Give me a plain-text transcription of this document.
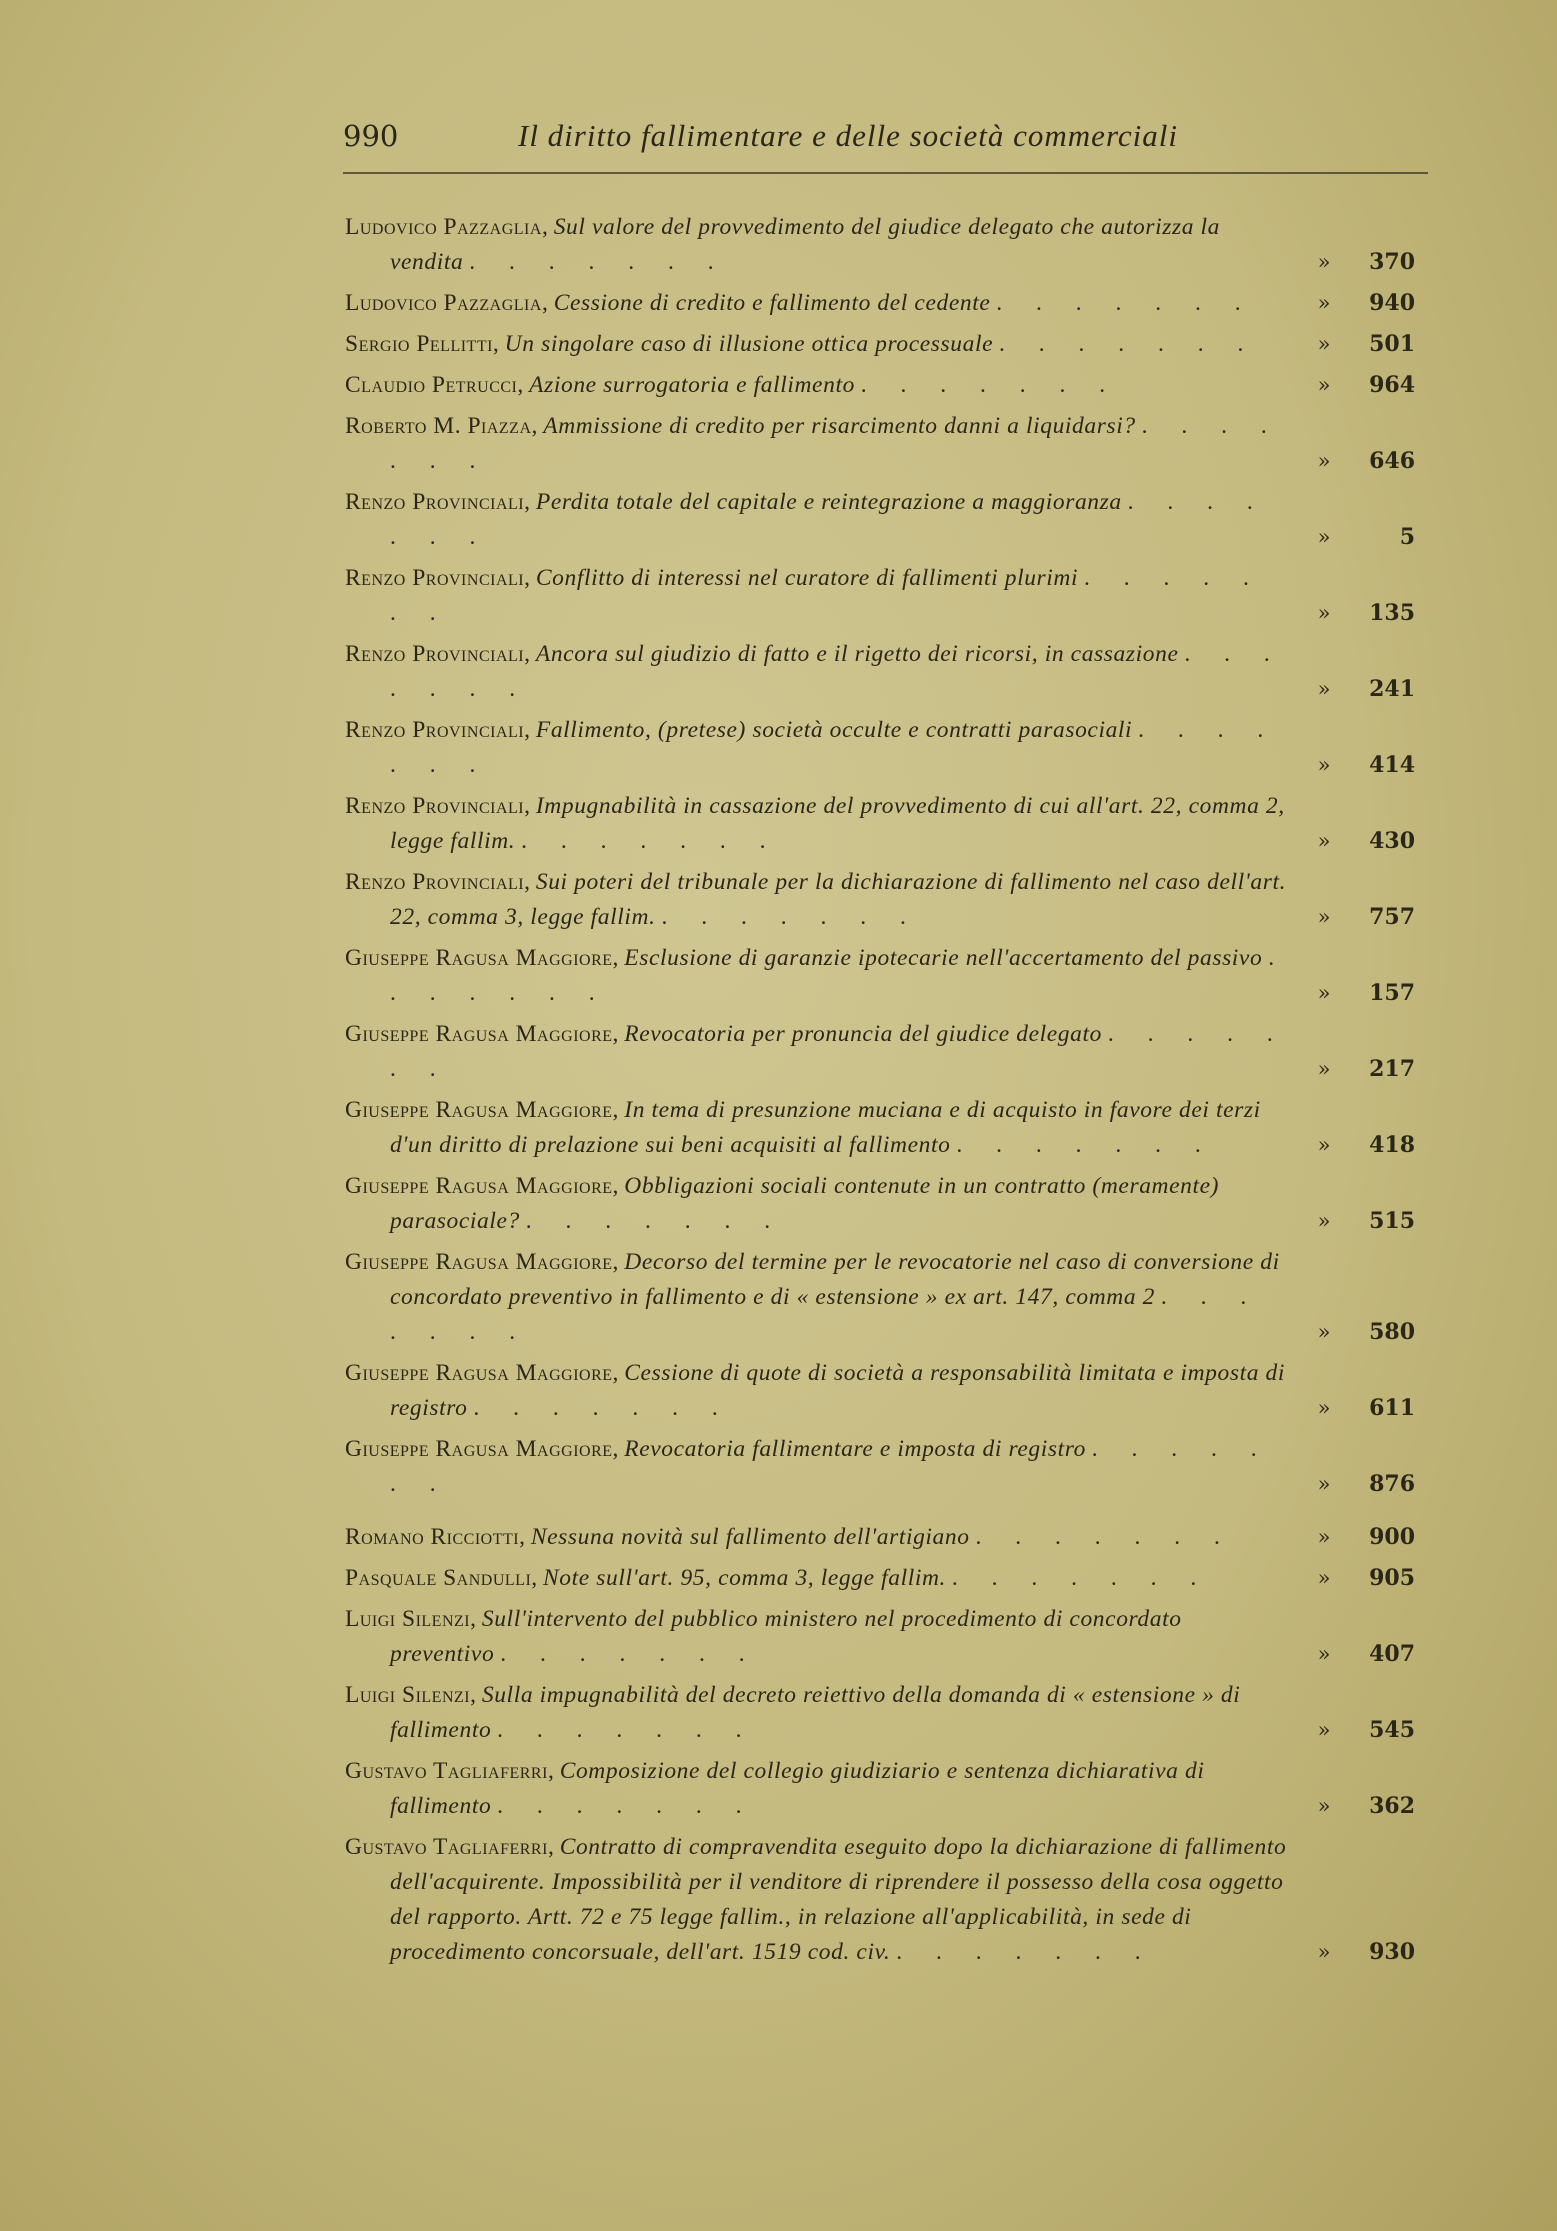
990	Il diritto fallimentare e delle società commerciali
Ludovico Pazzaglia, Sul valore del provvedimento del giudice delegato che autorizza la vendita . . . . . . .	»	370
Ludovico Pazzaglia, Cessione di credito e fallimento del cedente . . . . . . .	»	940
Sergio Pellitti, Un singolare caso di illusione ottica processuale . . . . . . .	»	501
Claudio Petrucci, Azione surrogatoria e fallimento . . . . . . .	»	964
Roberto M. Piazza, Ammissione di credito per risarcimento danni a liquidarsi? . . . . . . .	»	646
Renzo Provinciali, Perdita totale del capitale e reintegrazione a maggioranza . . . . . . .	»	5
Renzo Provinciali, Conflitto di interessi nel curatore di fallimenti plurimi . . . . . . .	»	135
Renzo Provinciali, Ancora sul giudizio di fatto e il rigetto dei ricorsi, in cassazione . . . . . . .	»	241
Renzo Provinciali, Fallimento, (pretese) società occulte e contratti parasociali . . . . . . .	»	414
Renzo Provinciali, Impugnabilità in cassazione del provvedimento di cui all'art. 22, comma 2, legge fallim. . . . . . . .	»	430
Renzo Provinciali, Sui poteri del tribunale per la dichiarazione di fallimento nel caso dell'art. 22, comma 3, legge fallim. . . . . . . .	»	757
Giuseppe Ragusa Maggiore, Esclusione di garanzie ipotecarie nell'accertamento del passivo . . . . . . .	»	157
Giuseppe Ragusa Maggiore, Revocatoria per pronuncia del giudice delegato . . . . . . .	»	217
Giuseppe Ragusa Maggiore, In tema di presunzione muciana e di acquisto in favore dei terzi d'un diritto di prelazione sui beni acquisiti al fallimento . . . . . . .	»	418
Giuseppe Ragusa Maggiore, Obbligazioni sociali contenute in un contratto (meramente) parasociale? . . . . . . .	»	515
Giuseppe Ragusa Maggiore, Decorso del termine per le revocatorie nel caso di conversione di concordato preventivo in fallimento e di « estensione » ex art. 147, comma 2 . . . . . . .	»	580
Giuseppe Ragusa Maggiore, Cessione di quote di società a responsabilità limitata e imposta di registro . . . . . . .	»	611
Giuseppe Ragusa Maggiore, Revocatoria fallimentare e imposta di registro . . . . . . .	»	876
Romano Ricciotti, Nessuna novità sul fallimento dell'artigiano . . . . . . .	»	900
Pasquale Sandulli, Note sull'art. 95, comma 3, legge fallim. . . . . . . .	»	905
Luigi Silenzi, Sull'intervento del pubblico ministero nel procedimento di concordato preventivo . . . . . . .	»	407
Luigi Silenzi, Sulla impugnabilità del decreto reiettivo della domanda di « estensione » di fallimento . . . . . . .	»	545
Gustavo Tagliaferri, Composizione del collegio giudiziario e sentenza dichiarativa di fallimento . . . . . . .	»	362
Gustavo Tagliaferri, Contratto di compravendita eseguito dopo la dichiarazione di fallimento dell'acquirente. Impossibilità per il venditore di riprendere il possesso della cosa oggetto del rapporto. Artt. 72 e 75 legge fallim., in relazione all'applicabilità, in sede di procedimento concorsuale, dell'art. 1519 cod. civ. . . . . . . .	»	930
